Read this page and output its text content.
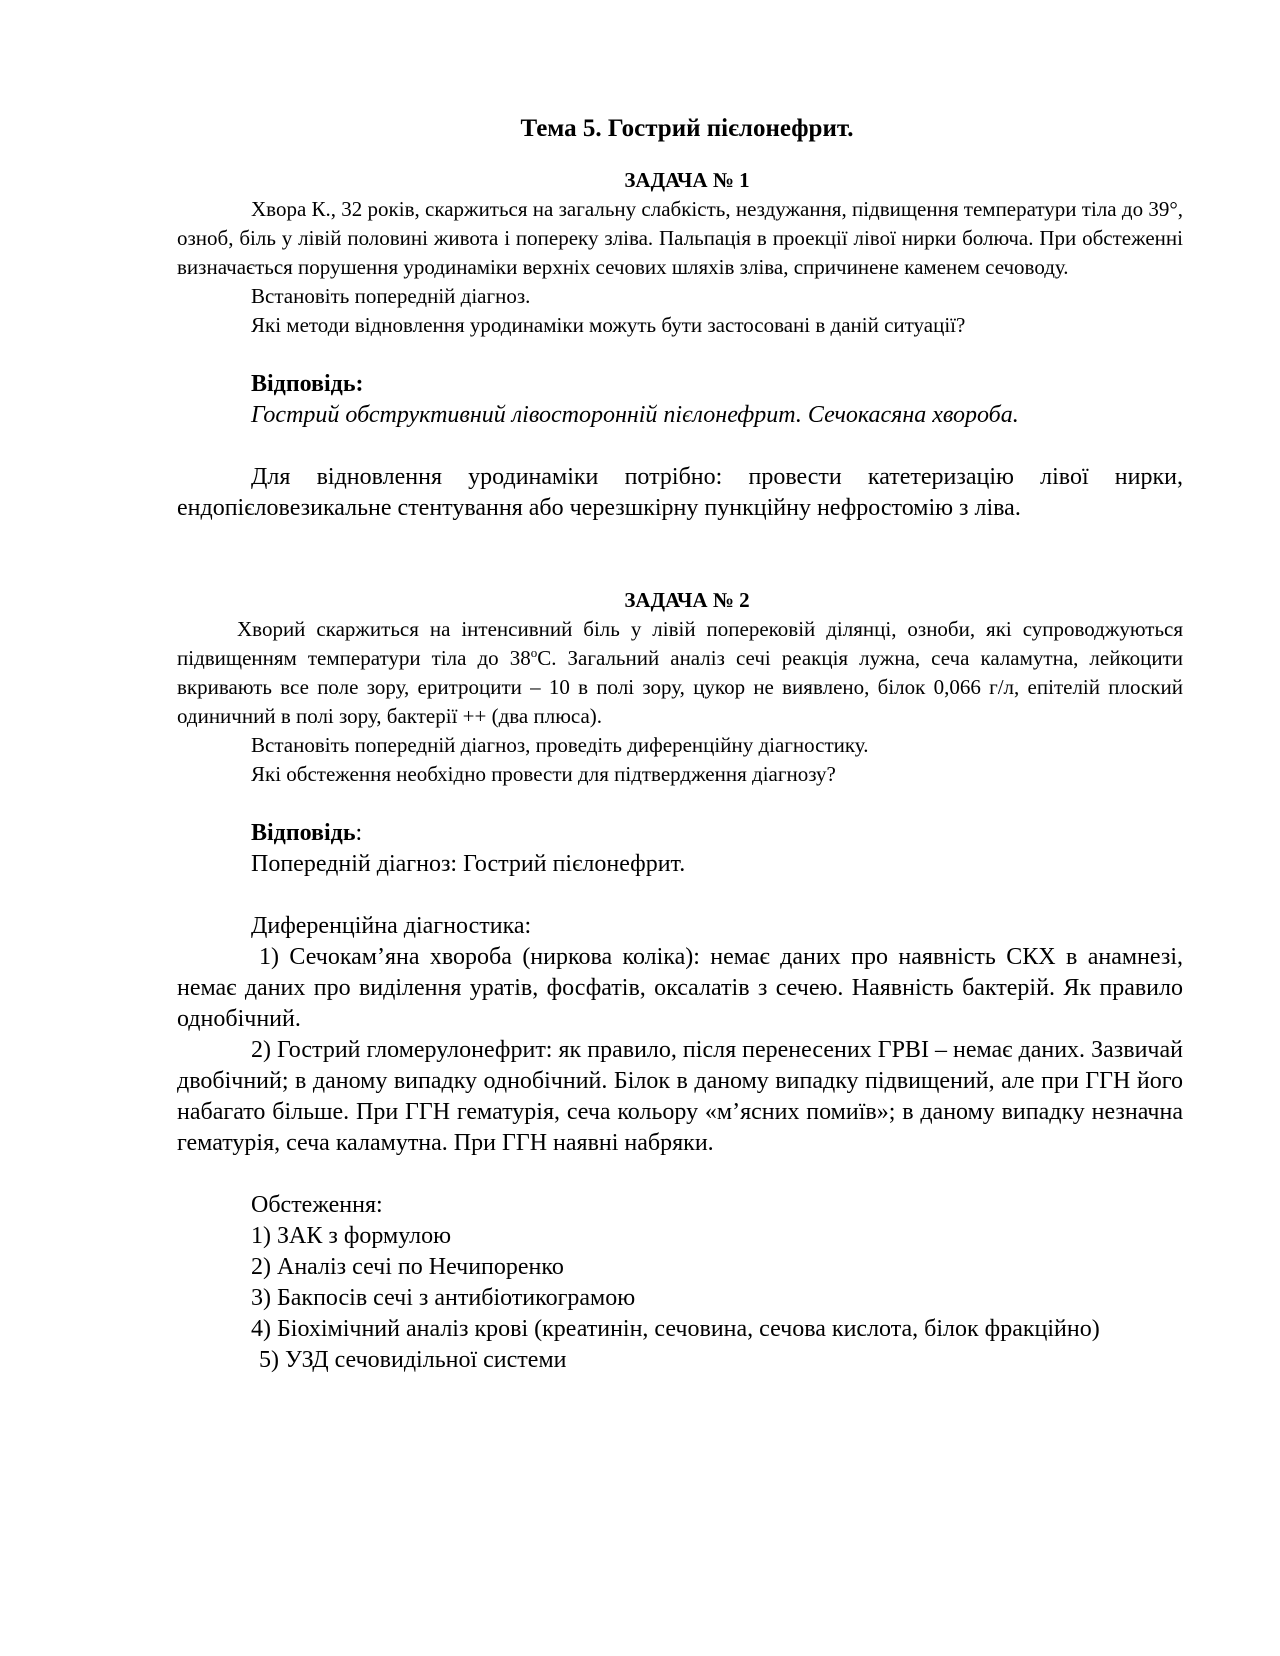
Тема 5. Гострий пієлонефрит.
ЗАДАЧА № 1

Хвора К., 32 років, скаржиться на загальну слабкість, нездужання, підвищення температури тіла до 39°, озноб, біль у лівій половині живота і попереку зліва. Пальпація в проекції лівої нирки болюча. При обстеженні визначається порушення уродинаміки верхніх сечових шляхів зліва, спричинене каменем сечоводу.

Встановіть попередній діагноз.

Які методи відновлення уродинаміки можуть бути застосовані в даній ситуації?

Відповідь:

Гострий обструктивний лівосторонній пієлонефрит. Сечокасяна хвороба.

Для відновлення уродинаміки потрібно: провести катетеризацію лівої нирки, ендопієловезикальне стентування або черезшкірну пункційну нефростомію з ліва.

ЗАДАЧА № 2

Хворий скаржиться на інтенсивний біль у лівій поперековій ділянці, озноби, які супроводжуються підвищенням температури тіла до $38^оС$. Загальний аналіз сечі реакція лужна, сеча каламутна, лейкоцити вкривають все поле зору, еритроцити – 10 в полі зору, цукор не виявлено, білок 0,066 г/л, епітелій плоский одиничний в полі зору, бактерії ++ (два плюса).

Встановіть попередній діагноз, проведіть диференційну діагностику.

Які обстеження необхідно провести для підтвердження діагнозу?

Відповідь:

Попередній діагноз: Гострий пієлонефрит.

Диференційна діагностика:

1) Сечокам’яна хвороба (ниркова коліка): немає даних про наявність СКХ в анамнезі, немає даних про виділення уратів, фосфатів, оксалатів з сечею. Наявність бактерій. Як правило однобічний.

2) Гострий гломерулонефрит: як правило, після перенесених ГРВІ – немає даних. Зазвичай двобічний; в даному випадку однобічний. Білок в даному випадку підвищений, але при ГГН його набагато більше. При ГГН гематурія, сеча кольору «м’ясних помиїв»; в даному випадку незначна гематурія, сеча каламутна. При ГГН наявні набряки.

Обстеження:

1) ЗАК з формулою

2) Аналіз сечі по Нечипоренко

3) Бакпосів сечі з антибіотикограмою

4) Біохімічний аналіз крові (креатинін, сечовина, сечова кислота, білок фракційно)

5) УЗД сечовидільної системи
